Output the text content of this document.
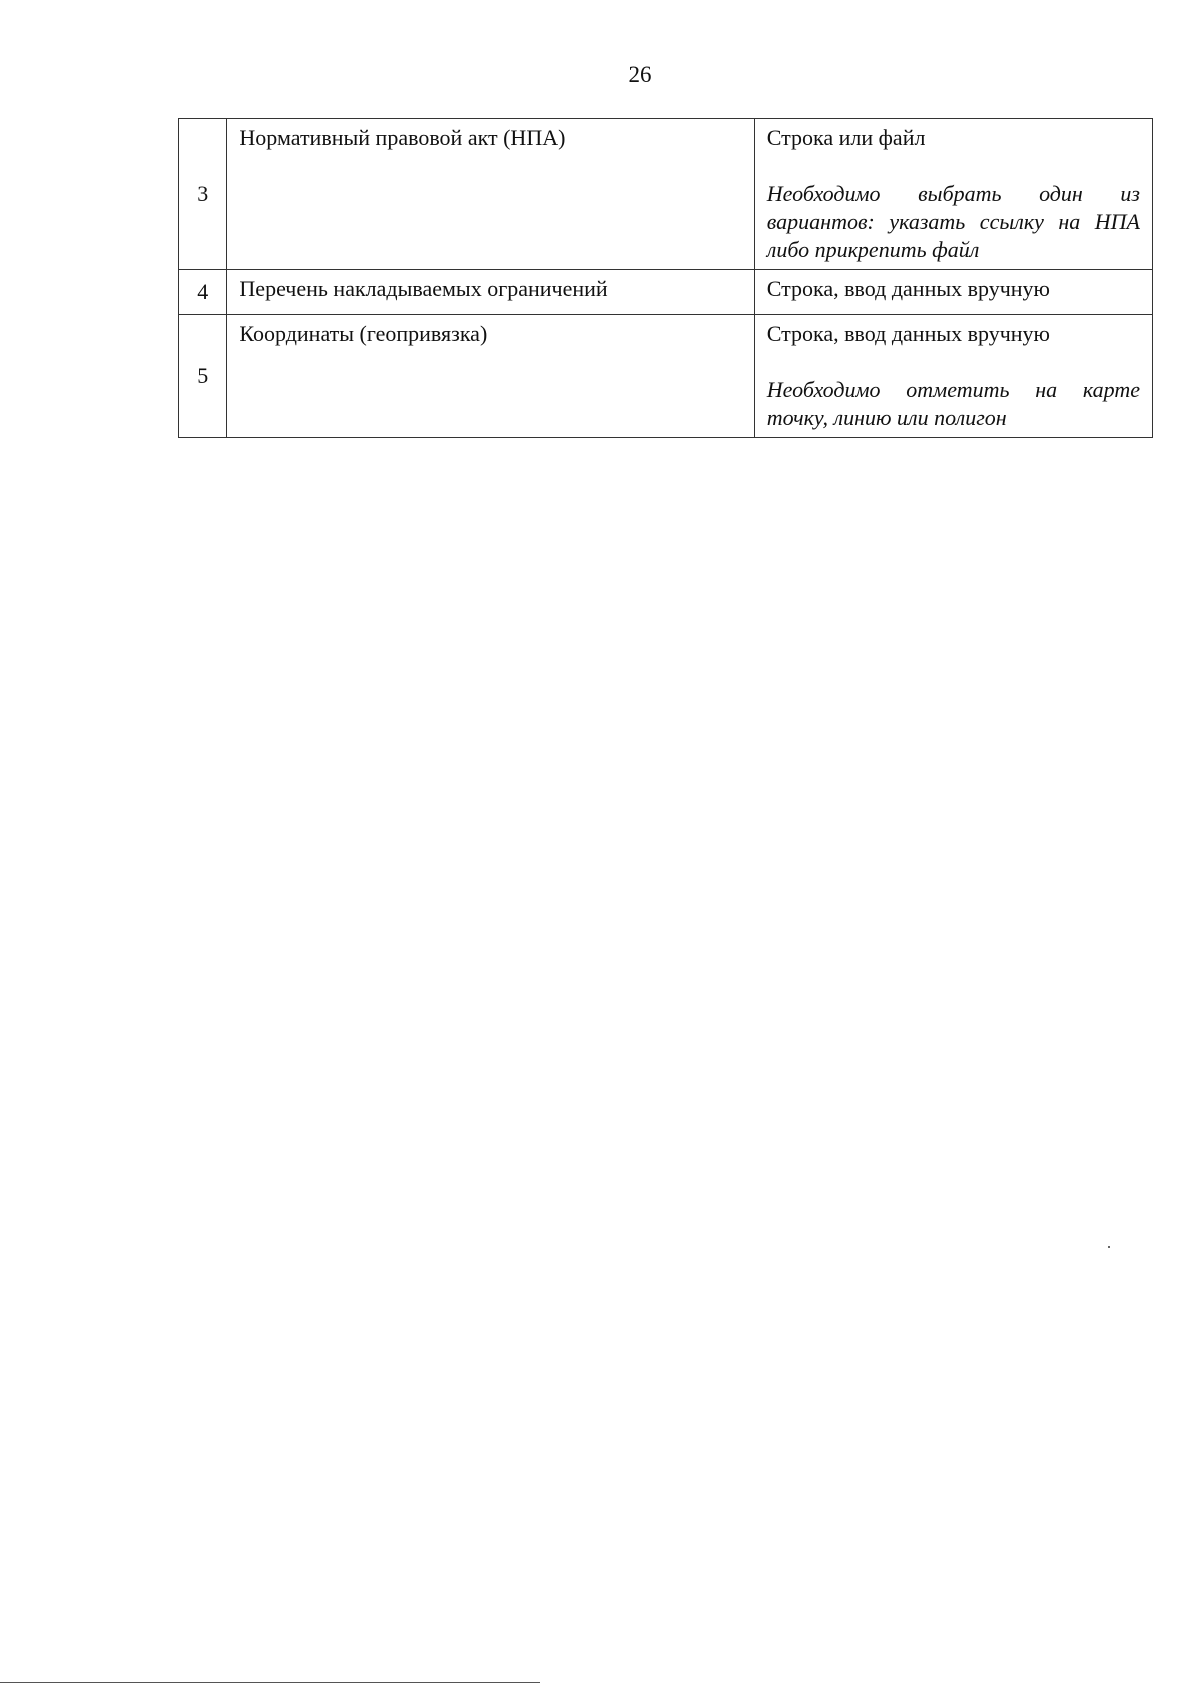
26
3	Нормативный правовой акт (НПА)	Строка или файл
Необходимо выбрать один из вариантов: указать ссылку на НПА либо прикрепить файл

4	Перечень накладываемых ограничений	Строка, ввод данных вручную

5	Координаты (геопривязка)	Строка, ввод данных вручную
Необходимо отметить на карте точку, линию или полигон
